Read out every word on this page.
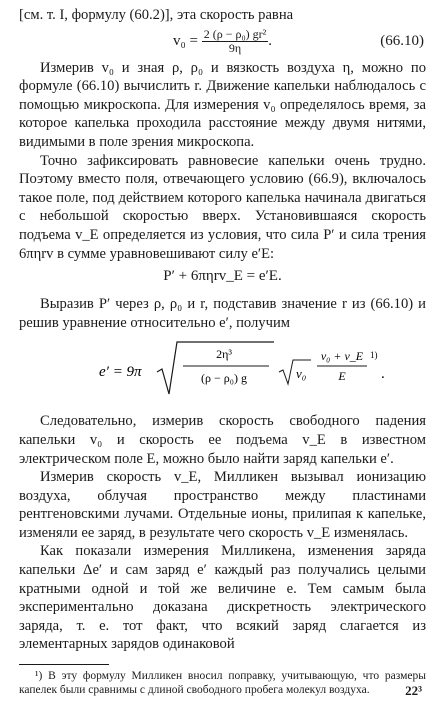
[см. т. I, формулу (60.2)], эта скорость равна

$v_0 = \frac{\text{2 (ρ − ρ₀) gr²}}{9\eta}$ .	(66.10)

Измерив v₀ и зная ρ, ρ₀ и вязкость воздуха η, можно по формуле (66.10) вычислить r. Движение капельки наблюдалось с помощью микроскопа. Для измерения v₀ определялось время, за которое капелька проходила расстояние между двумя нитями, видимыми в поле зрения микроскопа.

Точно зафиксировать равновесие капельки очень трудно. Поэтому вместо поля, отвечающего условию (66.9), включалось такое поле, под действием которого капелька начинала двигаться с небольшой скоростью вверх. Установившаяся скорость подъема v_E определяется из условия, что сила P′ и сила трения 6πηrv в сумме уравновешивают силу e′E:

P′ + 6πηrv_E = e′E.

Выразив P′ через ρ, ρ₀ и r, подставив значение r из (66.10) и решив уравнение относительно e′, получим

e′ = 9π
2η³
(ρ − ρ₀) g	v₀
v₀ + v_E
E
1)
.

Следовательно, измерив скорость свободного падения капельки v₀ и скорость ее подъема v_E в известном электрическом поле E, можно было найти заряд капельки e′.

Измерив скорость v_E, Милликен вызывал ионизацию воздуха, облучая пространство между пластинами рентгеновскими лучами. Отдельные ионы, прилипая к капельке, изменяли ее заряд, в результате чего скорость v_E изменялась.

Как показали измерения Милликена, изменения заряда капельки Δe′ и сам заряд e′ каждый раз получались целыми кратными одной и той же величине e. Тем самым была экспериментально доказана дискретность электрического заряда, т. е. тот факт, что всякий заряд слагается из элементарных зарядов одинаковой

¹) В эту формулу Милликен вносил поправку, учитывающую, что размеры капелек были сравнимы с длиной свободного пробега молекул воздуха.	22³
